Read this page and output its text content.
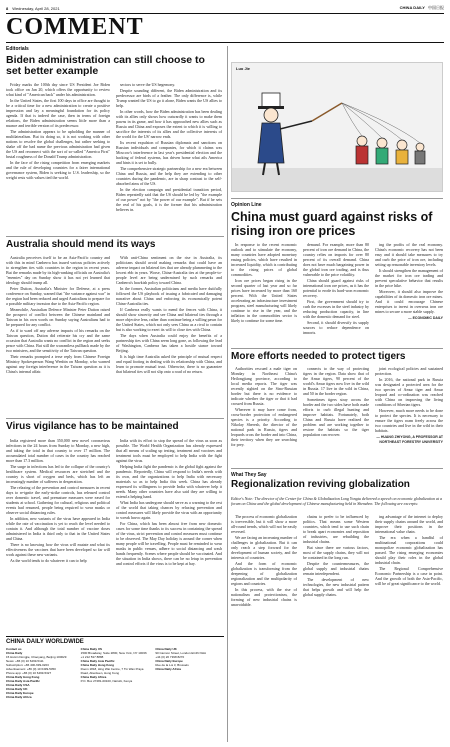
8 Wednesday, April 28, 2021	CHINA DAILY 中国日报
COMMENT
Editorials
Biden administration can still choose to set better example

Friday marks the 100th day since US President Joe Biden took office on Jan 20, which offers the opportunity to review what kind of "American back" under his administration.

In the United States, the first 100 days in office are thought to be a critical time for a new administration to create a positive impression and lay a meaningful foundation for its policy agenda. If that is indeed the case, then in terms of foreign relations, the Biden administration seems little more than a nuance and terrible version of its predecessor.

The administration appears to be upholding the manner of multilateralism. But its doing so, it is not working with other nations to resolve the global challenges, but rather seeking to shake off the bad name the previous administration had given the US and reconnect with the sort of so-called "America First" brutal roughness of the Donald Trump administration.

In the face of the rising competition from emerging markets and the rule of developing countries for a fairer international governance system, Biden is seeking to U.S. leadership, so the weight rests with values tied the world.

sectors to serve the US hegemony.

Despite sounding different, the Biden administration and its predecessor are birds of a feather. The only difference is, while Trump wanted the US to go it alone, Biden wants the US allies to help.

In other words, how the Biden administration has been dealing with its allies only shows how outwardly it wants to make them pawns in its game, and how it has approached new allies such as Russia and China and exposes the extent to which it is willing to sacrifice the interests of its allies and the collective interests of the world for the US' narrow ends.

Its recent expulsion of Russian diplomats and sanctions on Russian individuals and companies, for which it claims was Moscow's interference in last year's presidential election and the hacking of federal systems, has driven home what ails America and hints it is set to bully.

The comprehensive strategic partnership for a new era between China and Russia, and the help they are extending to other countries during the pandemic, are in sharp contrast to the self-absorbed aims of the US.

In the election campaign and presidential transition period, Biden repeatedly said that the US should be led by "the example of our power" not by "the power of our example". But if he sets the real of his goals, it is the former that his administration believes in.

Australia should mend its ways

Australia perceives itself to be an Asia-Pacific country and with this in mind Canberra has issued various policies actively to strengthen ties with countries in the region in recent years. But the remarks made by its high-ranking officials on Australia's "enemies" day on Sunday show it has not yet learned that ideology should trump all.

Peter Dutton, Australia's Minister for Defense, at a press conference on Sunday, warned that "the variance against war" in the region had been reduced and urged Australians to prepare for a possible military invasion due to the Asia-Pacific region.

Meanwhile, Australian Defence Minister Peter Dutton raised the prospect of conflict between the Chinese mainland and Taiwan in his own words on Sunday saying Australians had to be prepared for any conflict.

As if to ward off any adverse impacts of his remarks on the Taiwan question, Dutton did reiterate his cry and the same occasion that Australia wants no conflict in the region and seeks peace with China. But still the warrantless pullback made by the two ministers, and the sensitivity of the Taiwan question.

Their remarks prompted a terse reply from Chinese Foreign Ministry Spokesperson Wang Wenbin on Monday, who warned against any foreign interference in the Taiwan question as it is China's internal affair.

With anti-China sentiment on the rise in Australia, its politicians should avoid making remarks that could have an adverse impact on bilateral ties that are already plummeting to the lowest ebb in years. Worse, China-Australia ties at the people-to-people level are being undermined by such remarks and Canberra's hawkish policy toward China.

In the former, Australian politicians and media have dutifully followed the US playbook of issuing a fabricated and damaging narrative about China and enforcing its economically potent China-Australia ties.

If Canberra really wants to mend the fences with China, it should show sincerity and see China and bilateral ties through a more objective lens, rather than continue being a willing pawn for the United States, which not only sees China as a rival to contain but is also working to exert its will to close ties with China.

The days when Australia could enjoy the benefits of a partnership ties with China seem long gone, as following the lead of Washington, Canberra has taken a hostile stance toward Beijing.

It is high time Australia asked the principle of mutual respect and equal footing in dealing with its relationship with China, and learn to promote mutual trust. Otherwise, there is no guarantee that bilateral ties will not slip onto a road of no return.

Virus vigilance has to be maintained

India registered more than 350,000 new novel coronavirus infections in the 24 hours from Sunday to Monday, a new high, and taking the total in that country to over 17 million. The accumulated total number of cases in the country has reached more than 17.3 million.

The surge in infections has led to the collapse of the country's healthcare system. Medical resources are stretched and the country is short of oxygen and beds, which has left an increasingly number of sufferers in desperation.

The relaxing of the prevention and control measures in recent days to re-ignite the early-strike controls, has released control over domestic travel, and premature measures were eased for students at school. Gathering for cultural, religious and political events had resumed, people being required to wear masks or observe social distancing rules.

In addition, new variants of the virus have appeared in India while the rate of vaccination is yet to reach the level needed to contain it. And although the total number of vaccine doses administered in India is third only to that in the United States and China.

There is no knowing how the virus will mutate and what its effectiveness the vaccines that have been developed so far will work against these new variants.

As the world tends to do whatever it can to help

India with its effort to stop the spread of the virus as soon as possible. The World Health Organization has already expressed that all means of scaling up testing, treatment and vaccines and treatment tools must be employed to help India with the fight against the virus.

Helping India fight the pandemic is the global fight against the pandemic. Reportedly, China will respond to India's needs with its own, and the organizations to help India with necessary materials so as to help India this week. China has already expressed its willingness to provide India with whatever help it needs. Many other countries have also said they are willing to extend a helping hand.

What India has undergone should serve as a warning to the rest of the world that taking chances by relaxing prevention and control measures will likely provide the virus with an opportunity to wreak havoc again.

For China, which has been almost free from new domestic cases for some time thanks to its success in containing the spread of the virus, strict prevention and control measures must continue to be observed. The May Day holiday is around the corner when many people will be travelling. People must be reminded to wear masks in public venues, adhere to social distancing and wash hands frequently. Scenes where people should be vaccinated. And the situation in India shows, there can be no letup in prevention and control efforts if the virus is to be kept at bay.

CHINA DAILY WORLDWIDE
Contact us
China Daily
15 Huixin Dongjie, Chaoyang, Beijing 100029
News: +86 (0) 10 6499-5111
Subscription: +86 400-699-0203
Advertisement: +86 (0) 10 6499-5050
Phone app: +86 (0) 10 6499-5327
China Daily Hong Kong
China Daily Asia Pacific
China Daily USA
China Daily UK
China Daily Europe
China Daily Africa
China Daily US
1500 Broadway, Suite 2800, New York, NY 10036
+1 212 537 8888
China Daily Asia Pacific
China Daily Hong Kong
Room 1818, Hing Wai Centre, 7 Tin Wan Praya Road, Aberdeen, Hong Kong
China Daily Africa
P.O. Box 27281-00100, Nairobi, Kenya
China Daily UK
90 Cannon Street, London EC4N 6HA
+44 (0) 20 7398 8270
China Daily Europe
Rue de la Loi 3, Brussels
China Daily Africa
Luo Jie
Opinion Line
China must guard against risks of rising iron ore prices

In response to the recent economic outlook and to stimulate the economy, many countries have adopted monetary easing policies, which have resulted in increased liquidity, which is contributing to the rising prices of global commodities.

Iron ore prices began rising in the second quarter of last year and so far prices have increased by more than 160 percent. With the United States accelerating an infrastructure investment program, steel manufacturing will likely continue to rise in the year, and the inflation in the commodities sector is likely to continue for some time.

demand. For example, more than 80 percent of iron ore demand in China, the country relies on imports for over 80 percent of its overall demand. China does not have much bargaining power in the global iron ore trading, and is thus vulnerable to the price volatility.

China should guard against risks of international iron ore prices, as it has the potential to erode its hard-won economic recovery.

First, the government should try to curb the excesses in the steel industry by reducing production capacity, in line with the domestic demand for steel.

Second, it should diversify its supply sources to reduce dependence on imports.

ing the profits of the real economy. China's economic recovery has not been easy and it should take measures to try and curb the price of iron ore, including setting up reasonable inventory levels.

It should strengthen the management of the market for iron ore trading and prevent speculative behavior that results in the price hike.

Moreover, it should also improve the capabilities of its domestic iron ore mines. And it could encourage Chinese enterprises to invest in overseas iron ore mines to secure a more stable supply.

— ECONOMIC DAILY
More efforts needed to protect tigers

Authorities rescued a male tiger on Monday in Northeast China's Heilongjiang province, according to local media reports. The tiger was recently sighted on the Sino-Russian border but there is no evidence to indicate whether the tiger or that it had crossed from Russia.

Wherever it may have come from, cross-border protection of endangered species is a priority. According to Nikolay Sheresh, the director of the national park in Russia, tigers and leopards cross the border and into China, their territory when they are searching for prey.

connects to the way of protecting tigers in the region. Data show that of the Amur tigers, 90 percent of the world's Amur tigers now live in the wild in Russia. 17 live in the wild in China, and 50 in the border region.

Sometimes tigers stray across the border and the two sides have both made efforts to curb illegal hunting and improve habitats. Fortunately, both China and Russia have realized the problem and are working together to restore the habitats so the tiger population can recover.

joint ecological policies and sustained protection.

In 2016, the national park in Russia was designated a protected area for the two species of Amur tiger and Amur leopard and co-ordination was reached with China on improving the living conditions of Siberian tigers.

However, much more needs to be done to protect the species. It is necessary to ensure the tigers roam freely across the two countries and live in the wild in their habitats.

— HUANG ZHIYONG, A PROFESSOR AT NORTHEAST FORESTRY UNIVERSITY
What They Say
Regionalization reviving globalization
Editor's Note: The director of the Center for China & Globalization Long Yongtu delivered a speech on economic globalization at a forum on China and the global development of Chinese manufacturing held in Shenzhen. The following are excerpts:

The process of economic globalization is irreversible, but it will show a more all-round trends, which will not be easily reversed.

We are facing an increasing number of challenges in globalization. But it can only reach a step forward for the development of human society, and the interests of countries.

And the form of economic globalization is transforming from the deepening of globalization regionalization and the multipolarity of regions and countries.

In this process, with the rise of nationalism and protectionism, the forming of new industrial chains is unavoidable.

chains to prefer to be influenced by politics. That means some Western countries, which tend to use such chain to break apart economies and reposition of industries, are rebuilding the industrial chains.

But since there are various factors, most of the supply chains, they will not be contained in the long run.

Despite the countermeasures, the global supply and industrial chains remain interdependent.

The development of new technologies, the new industrial pattern that helps growth and will help the global supply chains.

ing advantage of the internet to deploy their supply chains around the world, and improve their positions in the international value chain.

The era when a handful of multinational corporations could monopolize economic globalization has passed. The rising emerging economies should play their roles in the global industrial chain.

The Regional Comprehensive Economic Partnership is a case in point. And the growth of both the Asia-Pacific, will be of great significance to the world.
